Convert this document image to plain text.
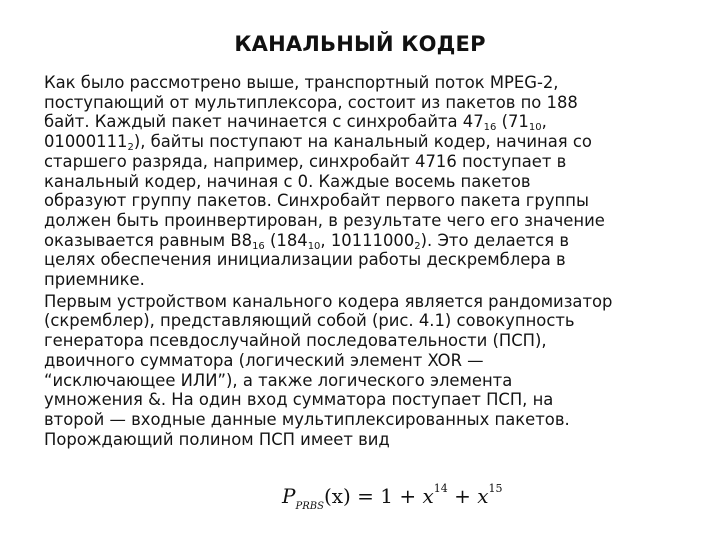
КАНАЛЬНЫЙ КОДЕР

Как было рассмотрено выше, транспортный поток MPEG-2,
поступающий от мультиплексора, состоит из пакетов по 188
байт. Каждый пакет начинается с синхробайта $47_{16}$ ($71_{10}$,
$01000111_2$), байты поступают на канальный кодер, начиная со
старшего разряда, например, синхробайт 4716 поступает в
канальный кодер, начиная с 0. Каждые восемь пакетов
образуют группу пакетов. Синхробайт первого пакета группы
должен быть проинвертирован, в результате чего его значение
оказывается равным $B8_{16}$ ($184_{10}$, $10111000_2$). Это делается в
целях обеспечения инициализации работы дескремблера в
приемнике.

Первым устройством канального кодера является рандомизатор
(скремблер), представляющий собой (рис. 4.1) совокупность
генератора псевдослучайной последовательности (ПСП),
двоичного сумматора (логический элемент XOR —
“исключающее ИЛИ”), а также логического элемента
умножения &. На один вход сумматора поступает ПСП, на
второй — входные данные мультиплексированных пакетов.
Порождающий полином ПСП имеет вид

$P_{PRBS}(x) = 1 + x^{14} + x^{15}$
